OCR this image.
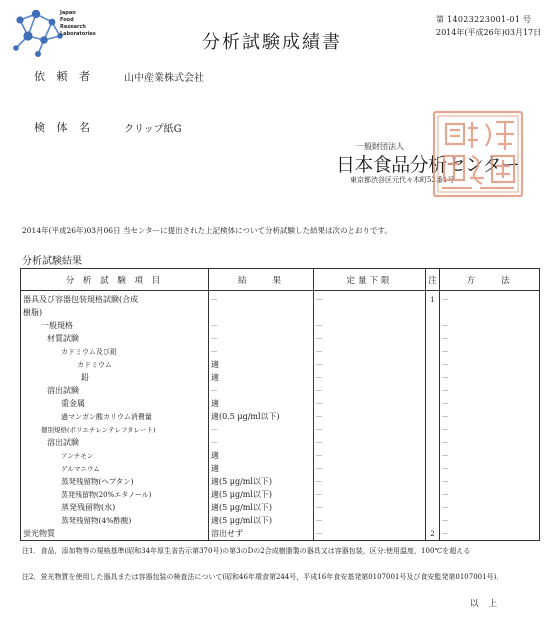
Japan
Food
Research
Laboratories	分析試験成績書
第 14023223001-01 号
2014年(平成26年)03月17日
依 頼 者	山中産業株式会社
検 体 名	クリップ紙G
一般財団法人
日本食品分析センター
東京都渋谷区元代々木町52番1号
2014年(平成26年)03月06日 当センターに提出された上記検体について分析試験した結果は次のとおりです。
分析試験結果
分 析 試 験 項 目	結　　果	定量下限	注	方　　法
器具及び容器包装規格試験(合成	---	---	1	---
樹脂)				
一般規格	---	---		---
材質試験	---	---		---
カドミウム及び鉛	---	---		---
カドミウム	適	---		---
鉛	適	---		---
溶出試験	---	---		---
重金属	適	---		---
過マンガン酸カリウム消費量	適(0.5 μg/ml以下)	---		---
個別規格(ポリエチレンテレフタレート)	---	---		---
溶出試験	---	---		---
アンチモン	適	---		---
ゲルマニウム	適	---		---
蒸発残留物(ヘプタン)	適(5 μg/ml以下)	---		---
蒸発残留物(20%エタノール)	適(5 μg/ml以下)	---		---
蒸発残留物(水)	適(5 μg/ml以下)	---		---
蒸発残留物(4%酢酸)	適(5 μg/ml以下)	---		---
蛍光物質	溶出せず	---	2	---
注1．食品，添加物等の規格基準(昭和34年厚生省告示第370号)の第3のDの2合成樹脂製の器具又は容器包装，区分:使用温度，100℃を超える
注2．蛍光物質を使用した器具または容器包装の検査法について(昭和46年環食第244号，平成16年食安基発第0107001号及び食安監発第0107001号)．
以上
